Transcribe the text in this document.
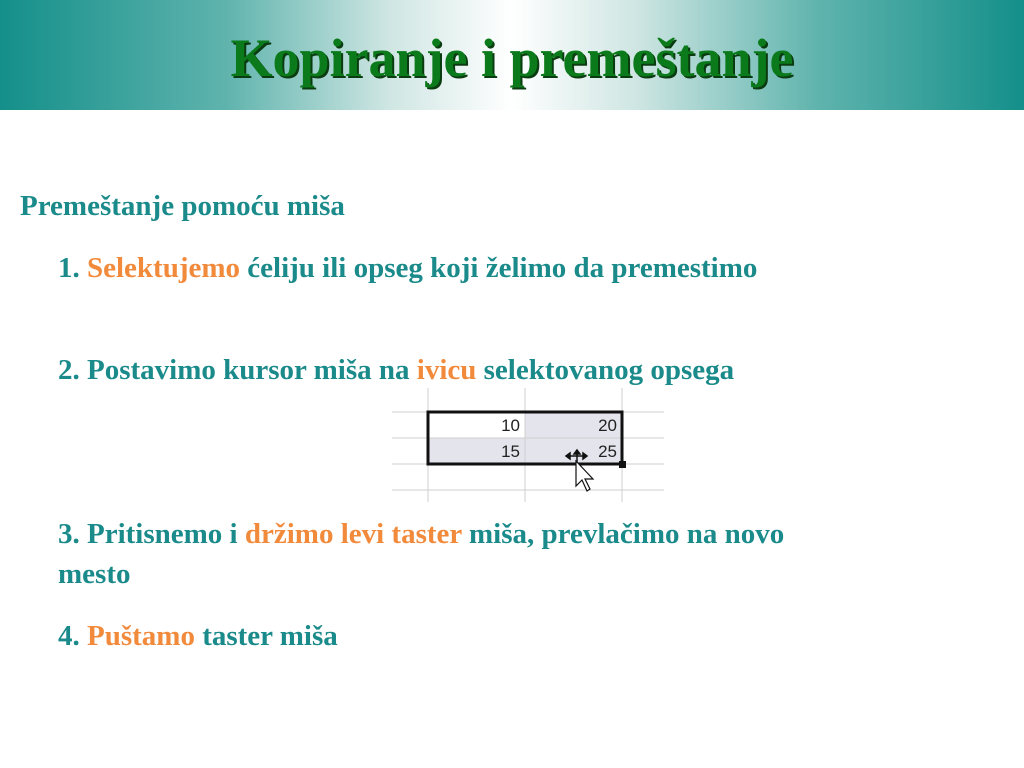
Kopiranje i premeštanje
Premeštanje pomoću miša
1. Selektujemo ćeliju ili opseg koji želimo da premestimo
2. Postavimo kursor miša na ivicu selektovanog opsega
10	20
15	25
3. Pritisnemo i držimo levi taster miša, prevlačimo na novo mesto
4. Puštamo taster miša
